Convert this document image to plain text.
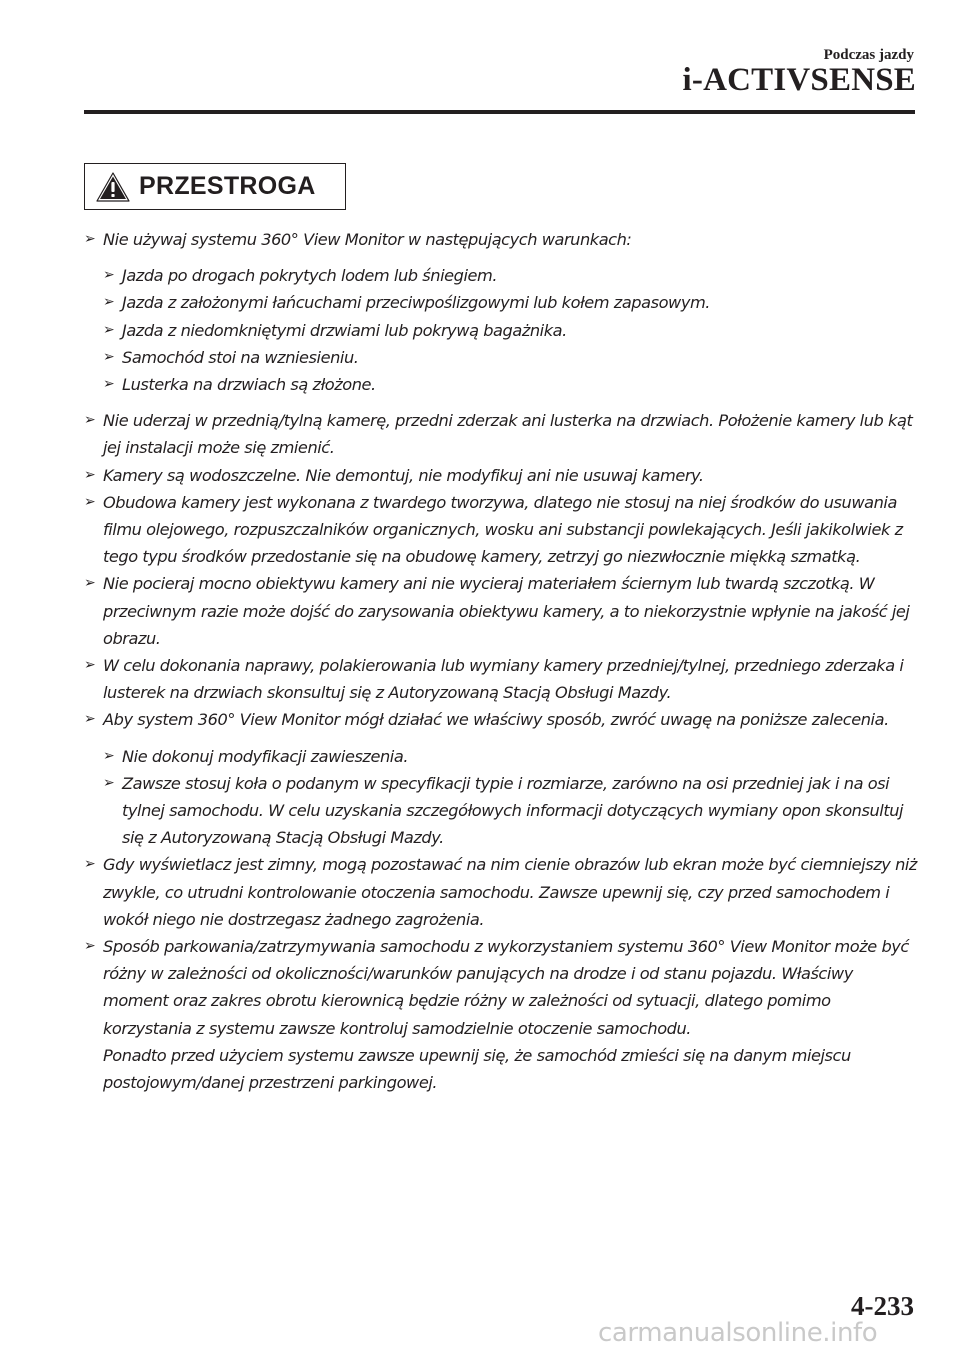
Podczas jazdy
i-ACTIVSENSE
PRZESTROGA
➢ Nie używaj systemu 360° View Monitor w następujących warunkach:
➢ Jazda po drogach pokrytych lodem lub śniegiem.
➢ Jazda z założonymi łańcuchami przeciwpoślizgowymi lub kołem zapasowym.
➢ Jazda z niedomkniętymi drzwiami lub pokrywą bagażnika.
➢ Samochód stoi na wzniesieniu.
➢ Lusterka na drzwiach są złożone.
➢ Nie uderzaj w przednią/tylną kamerę, przedni zderzak ani lusterka na drzwiach. Położenie kamery lub kąt jej instalacji może się zmienić.
➢ Kamery są wodoszczelne. Nie demontuj, nie modyfikuj ani nie usuwaj kamery.
➢ Obudowa kamery jest wykonana z twardego tworzywa, dlatego nie stosuj na niej środków do usuwania filmu olejowego, rozpuszczalników organicznych, wosku ani substancji powlekających. Jeśli jakikolwiek z tego typu środków przedostanie się na obudowę kamery, zetrzyj go niezwłocznie miękką szmatką.
➢ Nie pocieraj mocno obiektywu kamery ani nie wycieraj materiałem ściernym lub twardą szczotką. W przeciwnym razie może dojść do zarysowania obiektywu kamery, a to niekorzystnie wpłynie na jakość jej obrazu.
➢ W celu dokonania naprawy, polakierowania lub wymiany kamery przedniej/tylnej, przedniego zderzaka i lusterek na drzwiach skonsultuj się z Autoryzowaną Stacją Obsługi Mazdy.
➢ Aby system 360° View Monitor mógł działać we właściwy sposób, zwróć uwagę na poniższe zalecenia.
➢ Nie dokonuj modyfikacji zawieszenia.
➢ Zawsze stosuj koła o podanym w specyfikacji typie i rozmiarze, zarówno na osi przedniej jak i na osi tylnej samochodu. W celu uzyskania szczegółowych informacji dotyczących wymiany opon skonsultuj się z Autoryzowaną Stacją Obsługi Mazdy.
➢ Gdy wyświetlacz jest zimny, mogą pozostawać na nim cienie obrazów lub ekran może być ciemniejszy niż zwykle, co utrudni kontrolowanie otoczenia samochodu. Zawsze upewnij się, czy przed samochodem i wokół niego nie dostrzegasz żadnego zagrożenia.
➢ Sposób parkowania/zatrzymywania samochodu z wykorzystaniem systemu 360° View Monitor może być różny w zależności od okoliczności/warunków panujących na drodze i od stanu pojazdu. Właściwy moment oraz zakres obrotu kierownicą będzie różny w zależności od sytuacji, dlatego pomimo korzystania z systemu zawsze kontroluj samodzielnie otoczenie samochodu.
Ponadto przed użyciem systemu zawsze upewnij się, że samochód zmieści się na danym miejscu postojowym/danej przestrzeni parkingowej.
4-233
carmanualsonline.info
